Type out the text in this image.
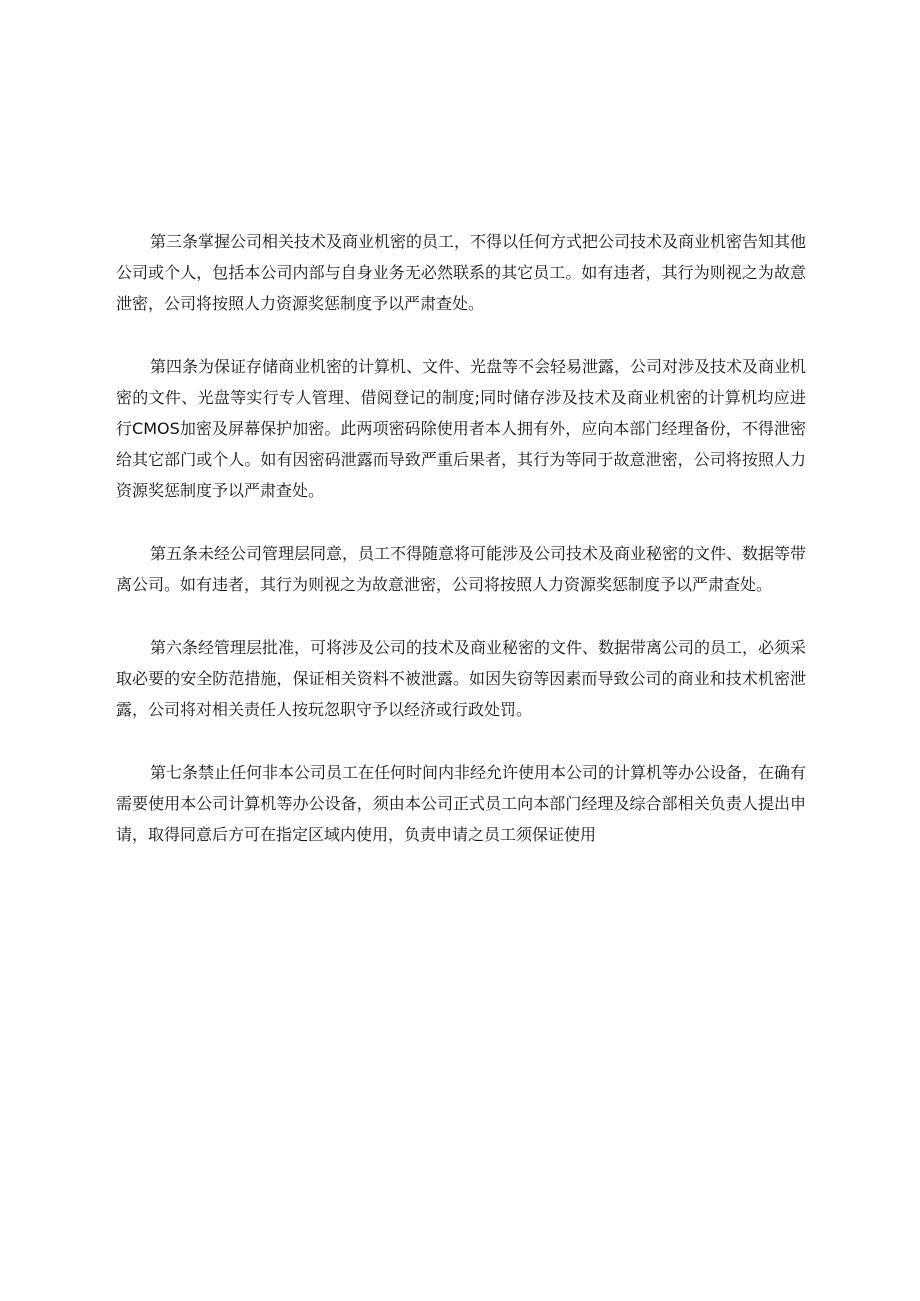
第三条掌握公司相关技术及商业机密的员工，不得以任何方式把公司技术及商业机密告知其他公司或个人，包括本公司内部与自身业务无必然联系的其它员工。如有违者，其行为则视之为故意泄密，公司将按照人力资源奖惩制度予以严肃查处。

第四条为保证存储商业机密的计算机、文件、光盘等不会轻易泄露，公司对涉及技术及商业机密的文件、光盘等实行专人管理、借阅登记的制度;同时储存涉及技术及商业机密的计算机均应进行CMOS加密及屏幕保护加密。此两项密码除使用者本人拥有外，应向本部门经理备份，不得泄密给其它部门或个人。如有因密码泄露而导致严重后果者，其行为等同于故意泄密，公司将按照人力资源奖惩制度予以严肃查处。

第五条未经公司管理层同意，员工不得随意将可能涉及公司技术及商业秘密的文件、数据等带离公司。如有违者，其行为则视之为故意泄密，公司将按照人力资源奖惩制度予以严肃查处。

第六条经管理层批准，可将涉及公司的技术及商业秘密的文件、数据带离公司的员工，必须采取必要的安全防范措施，保证相关资料不被泄露。如因失窃等因素而导致公司的商业和技术机密泄露，公司将对相关责任人按玩忽职守予以经济或行政处罚。

第七条禁止任何非本公司员工在任何时间内非经允许使用本公司的计算机等办公设备，在确有需要使用本公司计算机等办公设备，须由本公司正式员工向本部门经理及综合部相关负责人提出申请，取得同意后方可在指定区域内使用，负责申请之员工须保证使用
